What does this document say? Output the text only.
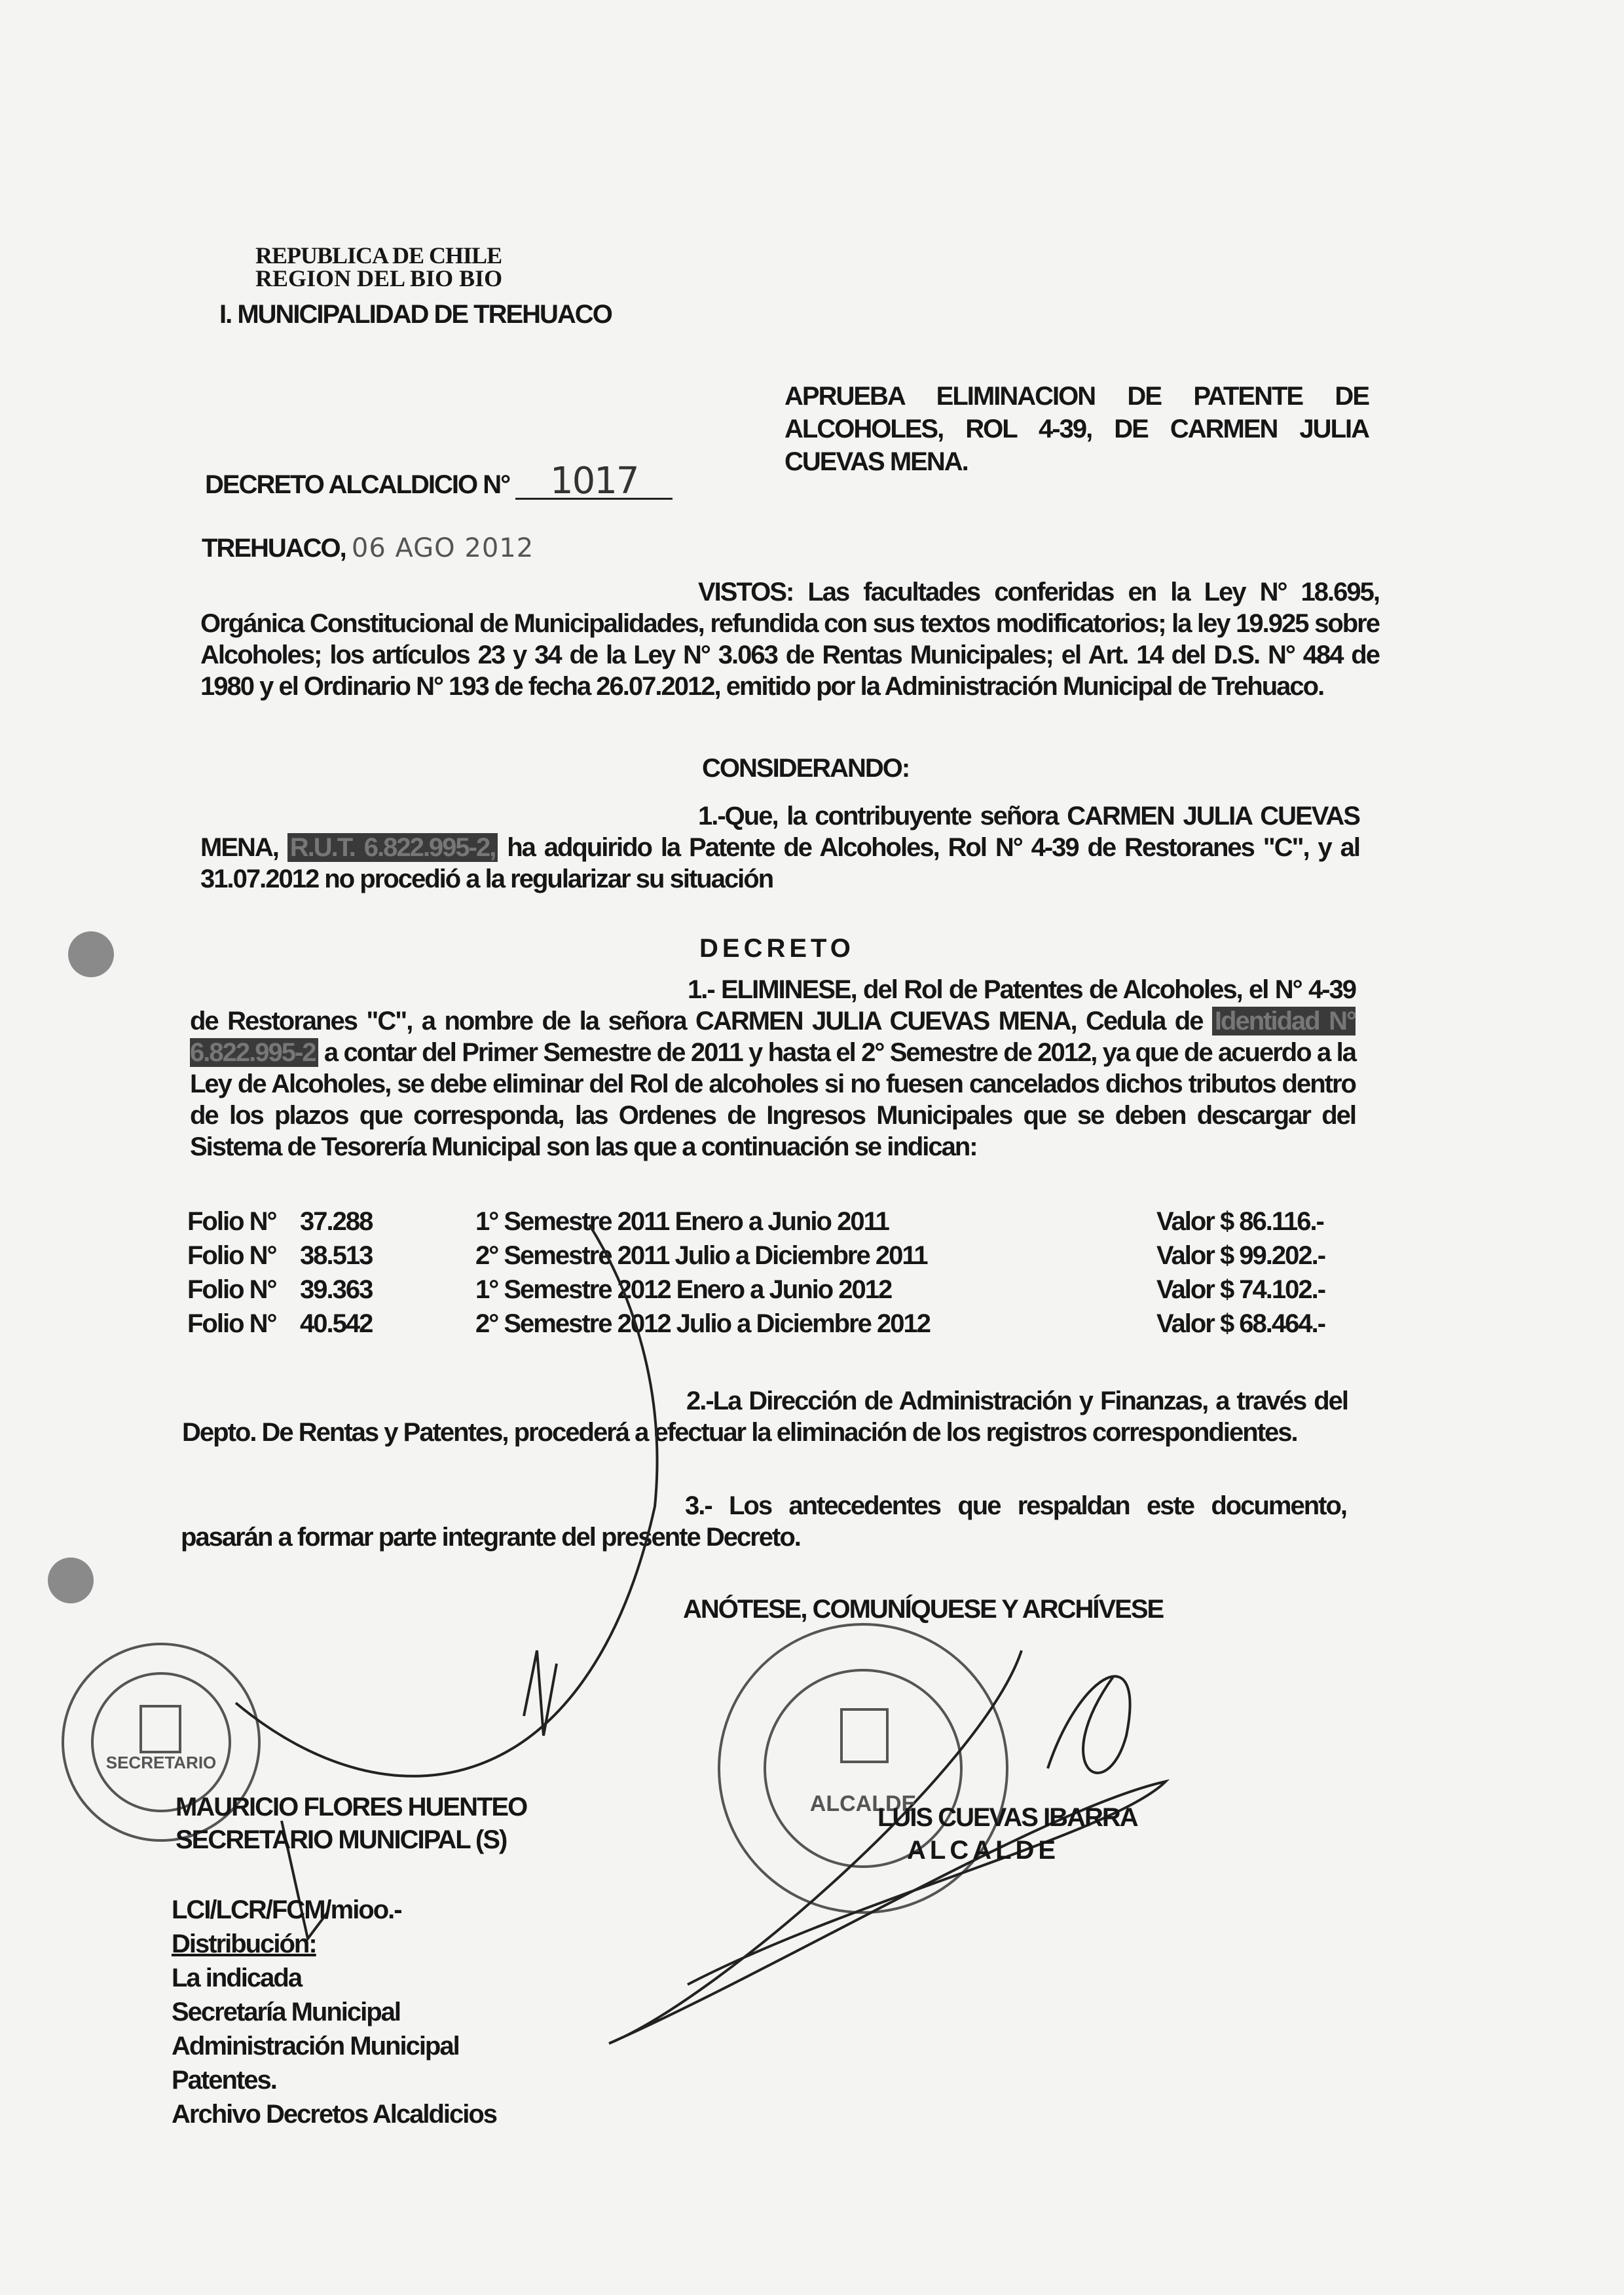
REPUBLICA DE CHILE
REGION DEL BIO BIO
I. MUNICIPALIDAD DE TREHUACO
APRUEBA ELIMINACION DE PATENTE DE ALCOHOLES, ROL 4-39, DE CARMEN JULIA CUEVAS MENA.
DECRETO ALCALDICIO N° 1017
TREHUACO, 06 AGO 2012
VISTOS: Las facultades conferidas en la Ley N° 18.695, Orgánica Constitucional de Municipalidades, refundida con sus textos modificatorios; la ley 19.925 sobre Alcoholes; los artículos 23 y 34 de la Ley N° 3.063 de Rentas Municipales; el Art. 14 del D.S. N° 484 de 1980 y el Ordinario N° 193 de fecha 26.07.2012, emitido por la Administración Municipal de Trehuaco.
CONSIDERANDO:
1.-Que, la contribuyente señora CARMEN JULIA CUEVAS MENA, R.U.T. 6.822.995-2, ha adquirido la Patente de Alcoholes, Rol N° 4-39 de Restoranes "C", y al 31.07.2012 no procedió a la regularizar su situación
DECRETO
1.- ELIMINESE, del Rol de Patentes de Alcoholes, el N° 4-39 de Restoranes "C", a nombre de la señora CARMEN JULIA CUEVAS MENA, Cedula de Identidad N° 6.822.995-2 a contar del Primer Semestre de 2011 y hasta el 2° Semestre de 2012, ya que de acuerdo a la Ley de Alcoholes, se debe eliminar del Rol de alcoholes si no fuesen cancelados dichos tributos dentro de los plazos que corresponda, las Ordenes de Ingresos Municipales que se deben descargar del Sistema de Tesorería Municipal son las que a continuación se indican:
Folio N° 37.288	1° Semestre 2011 Enero a Junio 2011	Valor $ 86.116.-
Folio N° 38.513	2° Semestre 2011 Julio a Diciembre 2011	Valor $ 99.202.-
Folio N° 39.363	1° Semestre 2012 Enero a Junio 2012	Valor $ 74.102.-
Folio N° 40.542	2° Semestre 2012 Julio a Diciembre 2012	Valor $ 68.464.-
2.-La Dirección de Administración y Finanzas, a través del Depto. De Rentas y Patentes, procederá a efectuar la eliminación de los registros correspondientes.
3.- Los antecedentes que respaldan este documento, pasarán a formar parte integrante del presente Decreto.
ANÓTESE, COMUNÍQUESE Y ARCHÍVESE
SECRETARIO
ALCALDE
MAURICIO FLORES HUENTEO
SECRETARIO MUNICIPAL (S)
LUIS CUEVAS IBARRA
ALCALDE
LCI/LCR/FCM/mioo.-
Distribución:
La indicada
Secretaría Municipal
Administración Municipal
Patentes.
Archivo Decretos Alcaldicios
